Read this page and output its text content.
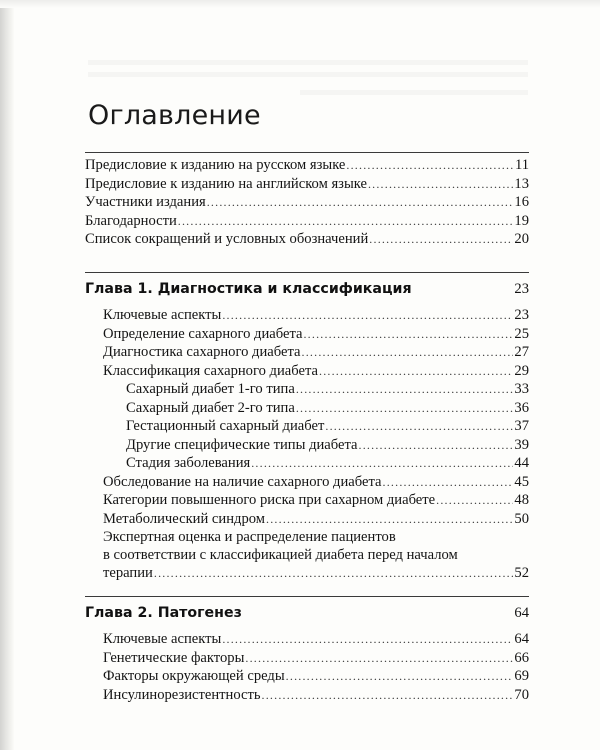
Оглавление
Предисловие к изданию на русском языке .....	11
Предисловие к изданию на английском языке .....	13
Участники издания .....	16
Благодарности .....	19
Список сокращений и условных обозначений .....	20
Глава 1. Диагностика и классификация	23
Ключевые аспекты .....	23
Определение сахарного диабета .....	25
Диагностика сахарного диабета .....	27
Классификация сахарного диабета .....	29
Сахарный диабет 1-го типа .....	33
Сахарный диабет 2-го типа .....	36
Гестационный сахарный диабет .....	37
Другие специфические типы диабета .....	39
Стадия заболевания .....	44
Обследование на наличие сахарного диабета .....	45
Категории повышенного риска при сахарном диабете .....	48
Метаболический синдром .....	50
Экспертная оценка и распределение пациентов
в соответствии с классификацией диабета перед началом
терапии .....	52
Глава 2. Патогенез	64
Ключевые аспекты .....	64
Генетические факторы .....	66
Факторы окружающей среды .....	69
Инсулинорезистентность .....	70
